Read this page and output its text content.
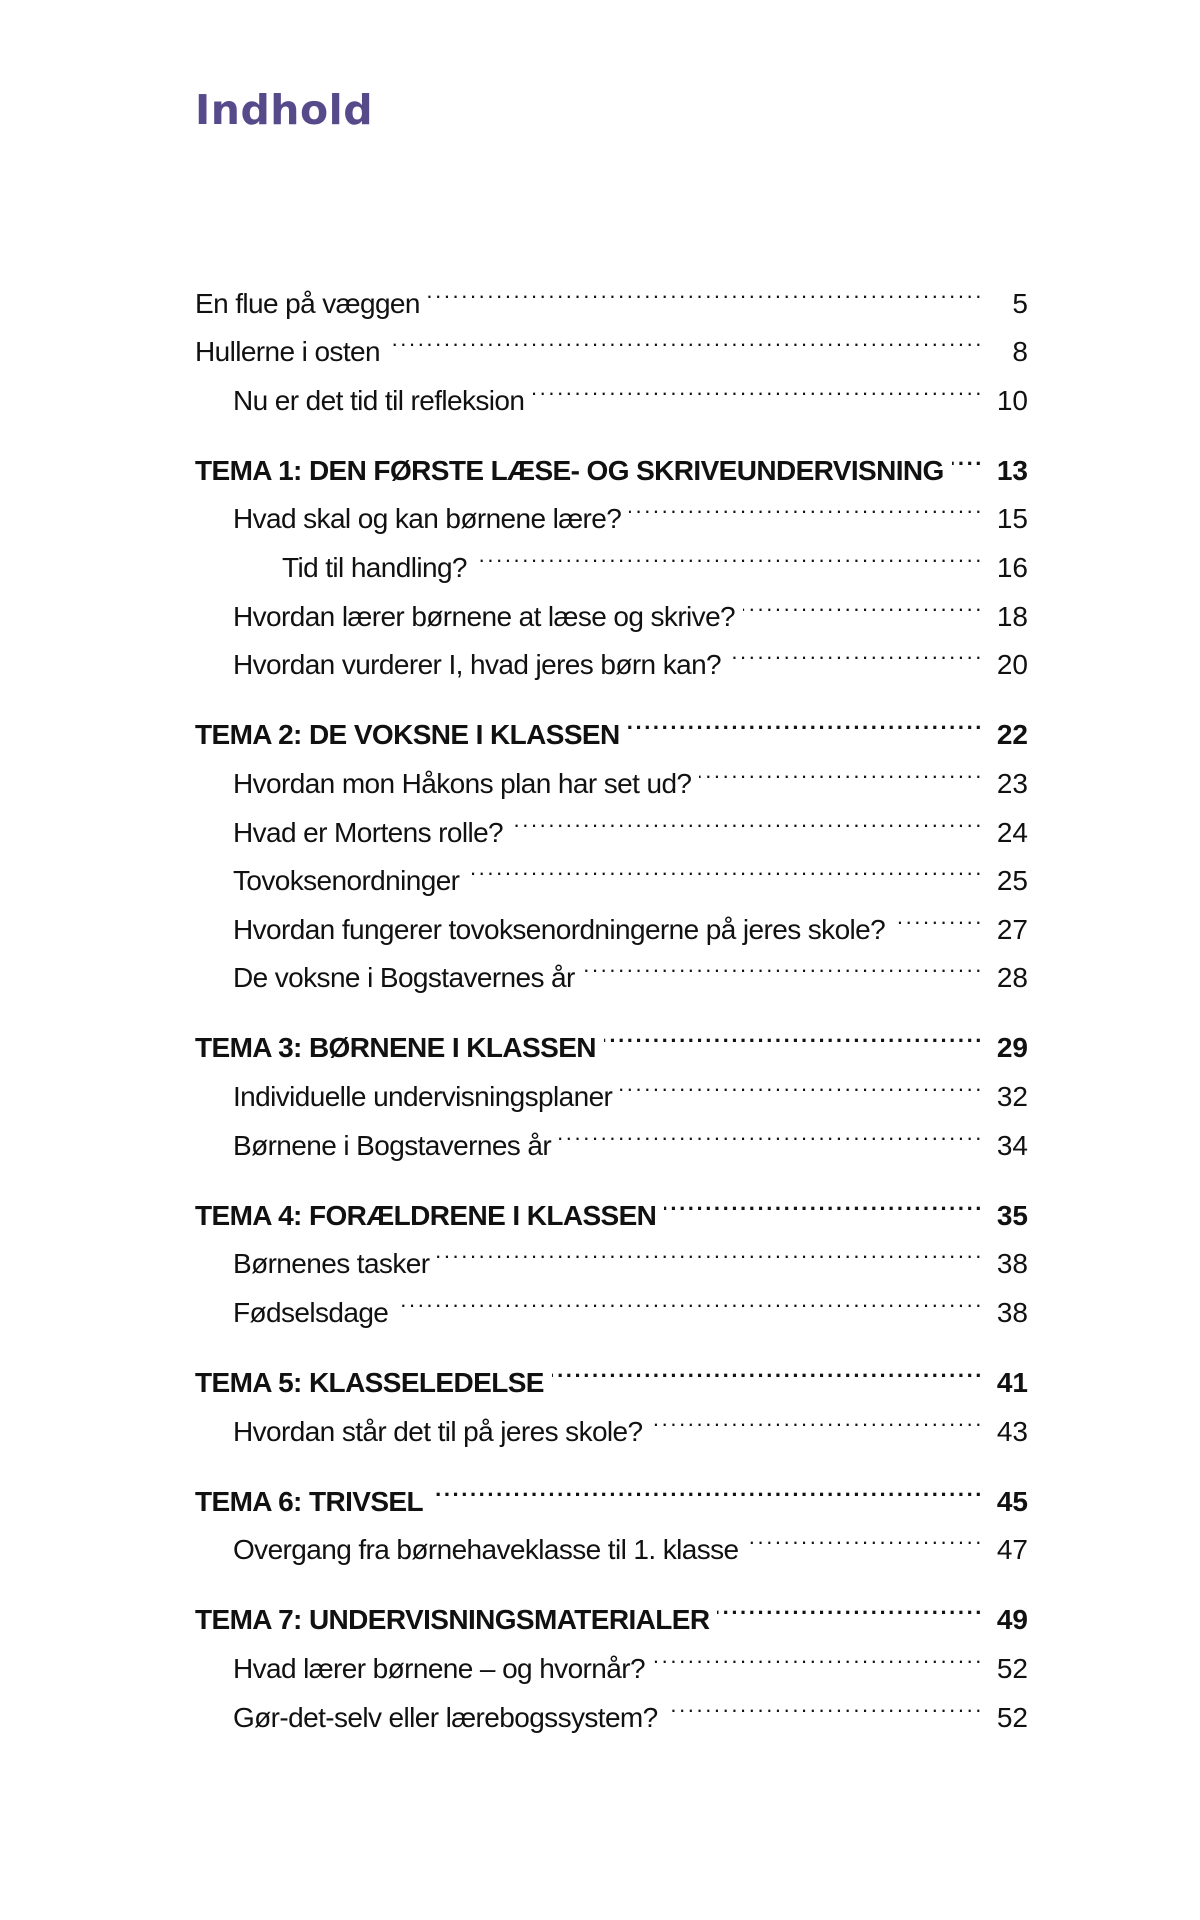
Indhold
En flue på væggen .....	5
Hullerne i osten .....	8
Nu er det tid til refleksion .....	10
TEMA 1: DEN FØRSTE LÆSE- OG SKRIVEUNDERVISNING ..... 13
Hvad skal og kan børnene lære? .....	15
Tid til handling? .....	16
Hvordan lærer børnene at læse og skrive? .....	18
Hvordan vurderer I, hvad jeres børn kan? .....	20
TEMA 2: DE VOKSNE I KLASSEN .....	22
Hvordan mon Håkons plan har set ud? .....	23
Hvad er Mortens rolle? .....	24
Tovoksenordninger .....	25
Hvordan fungerer tovoksenordningerne på jeres skole? .....	27
De voksne i Bogstavernes år .....	28
TEMA 3: BØRNENE I KLASSEN .....	29
Individuelle undervisningsplaner .....	32
Børnene i Bogstavernes år .....	34
TEMA 4: FORÆLDRENE I KLASSEN .....	35
Børnenes tasker .....	38
Fødselsdage .....	38
TEMA 5: KLASSELEDELSE .....	41
Hvordan står det til på jeres skole? .....	43
TEMA 6: TRIVSEL .....	45
Overgang fra børnehaveklasse til 1. klasse .....	47
TEMA 7: UNDERVISNINGSMATERIALER .....	49
Hvad lærer børnene – og hvornår? .....	52
Gør-det-selv eller lærebogssystem? .....	52
